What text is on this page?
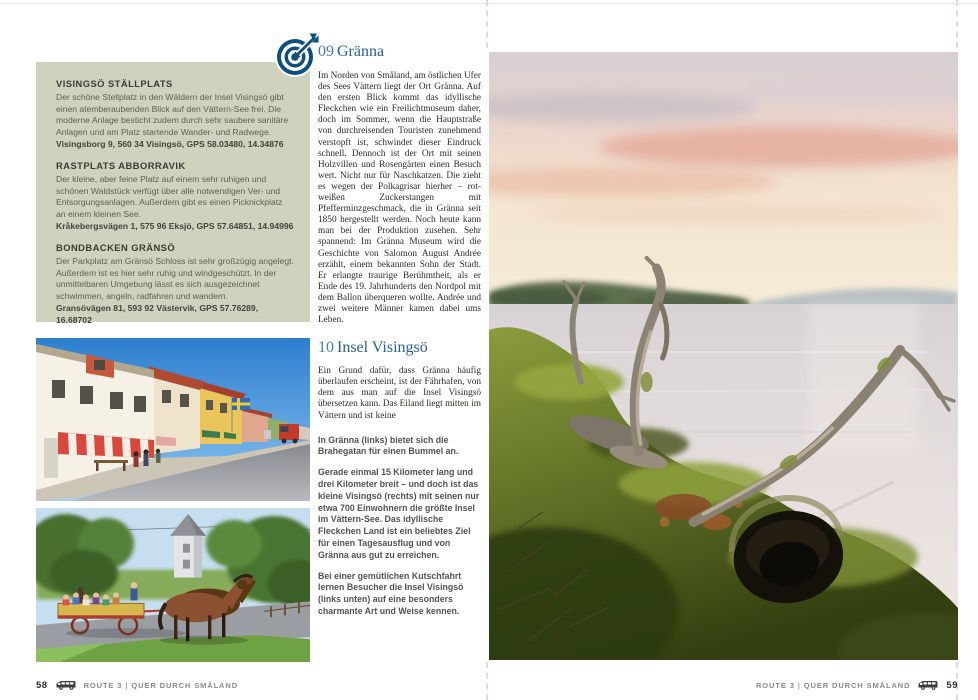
VISINGSÖ STÄLLPLATS

Der schöne Stellplatz in den Wäldern der Insel Visingsö gibt einen atemberaubenden Blick auf den Vättern-See frei. Die moderne Anlage besticht zudem durch sehr saubere sanitäre Anlagen und am Platz startende Wander- und Radwege.

Visingsborg 9, 560 34 Visingsö, GPS 58.03480, 14.34876

RASTPLATS ABBORRAVIK

Der kleine, aber feine Platz auf einem sehr ruhigen und schönen Waldstück verfügt über alle notwendigen Ver- und Entsorgungsanlagen. Außerdem gibt es einen Picknickplatz an einem kleinen See.

Kråkebergsvägen 1, 575 96 Eksjö, GPS 57.64851, 14.94996

BONDBACKEN GRÄNSÖ

Der Parkplatz am Gränsö Schloss ist sehr großzügig angelegt. Außerdem ist es hier sehr ruhig und windgeschützt. In der unmittelbaren Umgebung lässt es sich ausgezeichnet schwimmen, angeln, radfahren und wandern.

Gransövägen 81, 593 92 Västervik, GPS 57.76289, 16.68702

09 Gränna

Im Norden von Småland, am östlichen Ufer des Sees Vättern liegt der Ort Gränna. Auf den ersten Blick kommt das idyllische Fleckchen wie ein Freilichtmuseum daher, doch im Sommer, wenn die Hauptstraße von durchreisenden Touristen zunehmend verstopft ist, schwindet dieser Eindruck schnell. Dennoch ist der Ort mit seinen Holzvillen und Rosengärten einen Besuch wert. Nicht nur für Naschkatzen. Die zieht es wegen der Polkagrisar hierher – rot-weißen Zuckerstangen mit Pfefferminzgeschmack, die in Gränna seit 1850 hergestellt werden. Noch heute kann man bei der Produktion zusehen. Sehr spannend: Im Gränna Museum wird die Geschichte von Salomon August Andrée erzählt, einem bekannten Sohn der Stadt. Er erlangte traurige Berühmtheit, als er Ende des 19. Jahrhunderts den Nordpol mit dem Ballon überqueren wollte. Andrée und zwei weitere Männer kamen dabei ums Leben.

10 Insel Visingsö

Ein Grund dafür, dass Gränna häufig überlaufen erscheint, ist der Fährhafen, von dem aus man auf die Insel Visingsö übersetzen kann. Das Eiland liegt mitten im Vättern und ist keine

In Gränna (links) bietet sich die Brahegatan für einen Bummel an.

Gerade einmal 15 Kilometer lang und drei Kilometer breit – und doch ist das kleine Visingsö (rechts) mit seinen nur etwa 700 Einwohnern die größte Insel im Vättern-See. Das idyllische Fleckchen Land ist ein beliebtes Ziel für einen Tagesausflug und von Gränna aus gut zu erreichen.

Bei einer gemütlichen Kutschfahrt lernen Besucher die Insel Visingsö (links unten) auf eine besonders charmante Art und Weise kennen.

58	ROUTE 3 | QUER DURCH SMÅLAND	ROUTE 3 | QUER DURCH SMÅLAND	59
